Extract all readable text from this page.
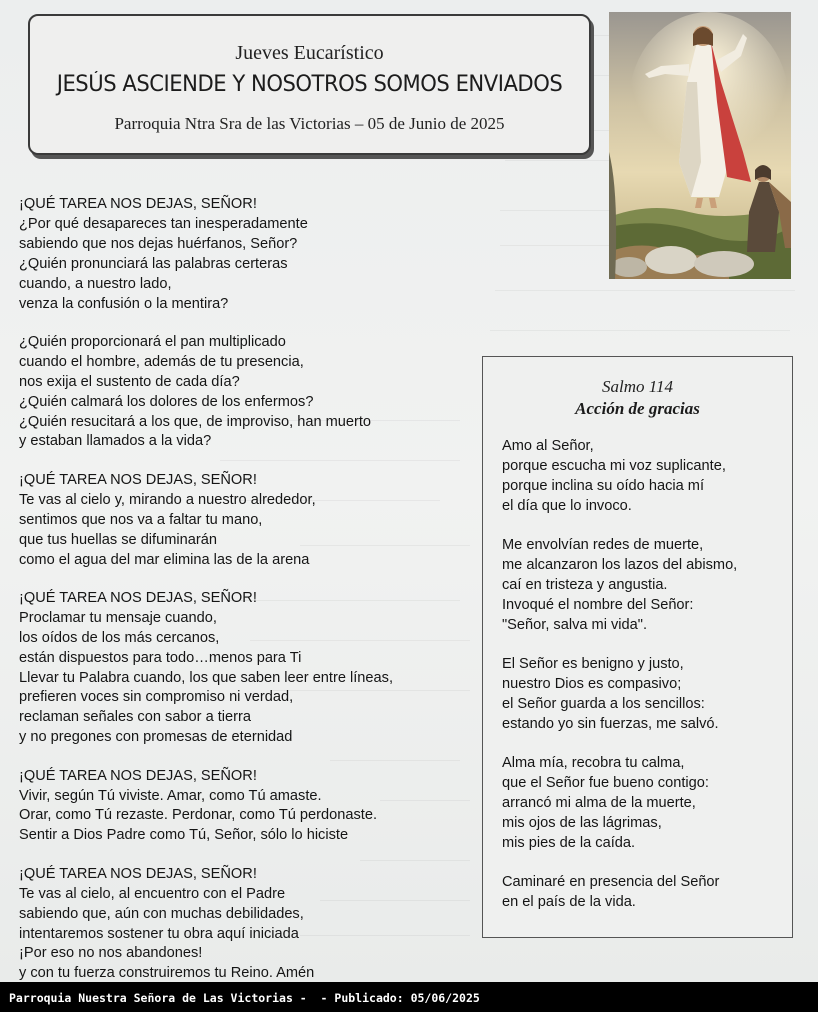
Jueves Eucarístico
JESÚS ASCIENDE Y NOSOTROS SOMOS ENVIADOS
Parroquia Ntra Sra de las Victorias – 05 de Junio de 2025
¡QUÉ TAREA NOS DEJAS, SEÑOR!
¿Por qué desapareces tan inesperadamente
sabiendo que nos dejas huérfanos, Señor?
¿Quién pronunciará las palabras certeras
cuando, a nuestro lado,
venza la confusión o la mentira?
¿Quién proporcionará el pan multiplicado
cuando el hombre, además de tu presencia,
nos exija el sustento de cada día?
¿Quién calmará los dolores de los enfermos?
¿Quién resucitará a los que, de improviso, han muerto
y estaban llamados a la vida?
¡QUÉ TAREA NOS DEJAS, SEÑOR!
Te vas al cielo y, mirando a nuestro alrededor,
sentimos que nos va a faltar tu mano,
que tus huellas se difuminarán
como el agua del mar elimina las de la arena
¡QUÉ TAREA NOS DEJAS, SEÑOR!
Proclamar tu mensaje cuando,
los oídos de los más cercanos,
están dispuestos para todo…menos para Ti
Llevar tu Palabra cuando, los que saben leer entre líneas,
prefieren voces sin compromiso ni verdad,
reclaman señales con sabor a tierra
y no pregones con promesas de eternidad
¡QUÉ TAREA NOS DEJAS, SEÑOR!
Vivir, según Tú viviste. Amar, como Tú amaste.
Orar, como Tú rezaste. Perdonar, como Tú perdonaste.
Sentir a Dios Padre como Tú, Señor, sólo lo hiciste
¡QUÉ TAREA NOS DEJAS, SEÑOR!
Te vas al cielo, al encuentro con el Padre
sabiendo que, aún con muchas debilidades,
intentaremos sostener tu obra aquí iniciada
¡Por eso no nos abandones!
y con tu fuerza construiremos tu Reino. Amén
Salmo 114
Acción de gracias
Amo al Señor,
porque escucha mi voz suplicante,
porque inclina su oído hacia mí
el día que lo invoco.
Me envolvían redes de muerte,
me alcanzaron los lazos del abismo,
caí en tristeza y angustia.
Invoqué el nombre del Señor:
"Señor, salva mi vida".
El Señor es benigno y justo,
nuestro Dios es compasivo;
el Señor guarda a los sencillos:
estando yo sin fuerzas, me salvó.
Alma mía, recobra tu calma,
que el Señor fue bueno contigo:
arrancó mi alma de la muerte,
mis ojos de las lágrimas,
mis pies de la caída.
Caminaré en presencia del Señor
en el país de la vida.
Parroquia Nuestra Señora de Las Victorias -  - Publicado: 05/06/2025
